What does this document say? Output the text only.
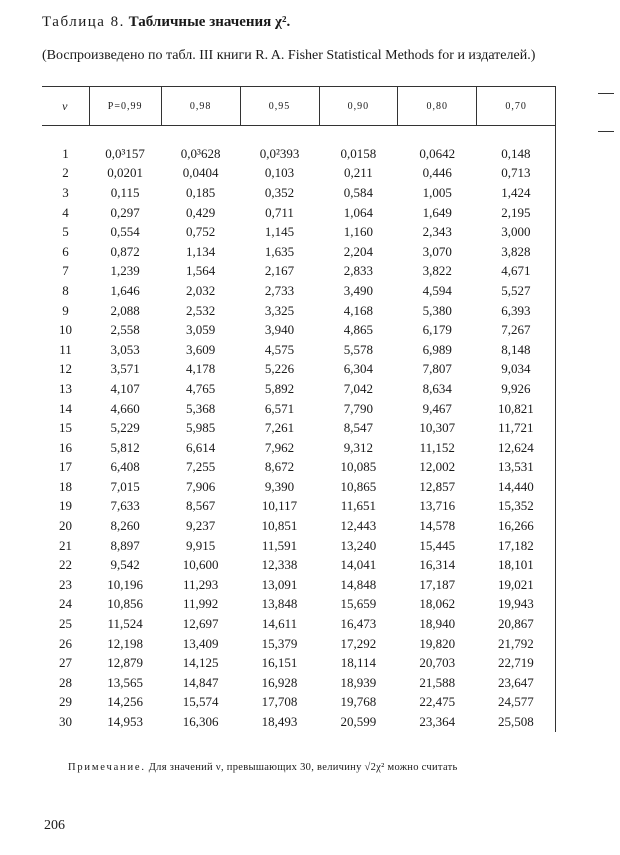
Таблица 8. Табличные значения χ².
(Воспроизведено по табл. III книги R. A. Fisher Statistical Methods for и издателей.)
ν	P=0,99	0,98	0,95	0,90	0,80	0,70

1	0,0³157	0,0³628	0,0²393	0,0158	0,0642	0,148
2	0,0201	0,0404	0,103	0,211	0,446	0,713
3	0,115	0,185	0,352	0,584	1,005	1,424
4	0,297	0,429	0,711	1,064	1,649	2,195
5	0,554	0,752	1,145	1,160	2,343	3,000
6	0,872	1,134	1,635	2,204	3,070	3,828
7	1,239	1,564	2,167	2,833	3,822	4,671
8	1,646	2,032	2,733	3,490	4,594	5,527
9	2,088	2,532	3,325	4,168	5,380	6,393
10	2,558	3,059	3,940	4,865	6,179	7,267
11	3,053	3,609	4,575	5,578	6,989	8,148
12	3,571	4,178	5,226	6,304	7,807	9,034
13	4,107	4,765	5,892	7,042	8,634	9,926
14	4,660	5,368	6,571	7,790	9,467	10,821
15	5,229	5,985	7,261	8,547	10,307	11,721
16	5,812	6,614	7,962	9,312	11,152	12,624
17	6,408	7,255	8,672	10,085	12,002	13,531
18	7,015	7,906	9,390	10,865	12,857	14,440
19	7,633	8,567	10,117	11,651	13,716	15,352
20	8,260	9,237	10,851	12,443	14,578	16,266
21	8,897	9,915	11,591	13,240	15,445	17,182
22	9,542	10,600	12,338	14,041	16,314	18,101
23	10,196	11,293	13,091	14,848	17,187	19,021
24	10,856	11,992	13,848	15,659	18,062	19,943
25	11,524	12,697	14,611	16,473	18,940	20,867
26	12,198	13,409	15,379	17,292	19,820	21,792
27	12,879	14,125	16,151	18,114	20,703	22,719
28	13,565	14,847	16,928	18,939	21,588	23,647
29	14,256	15,574	17,708	19,768	22,475	24,577
30	14,953	16,306	18,493	20,599	23,364	25,508
Примечание. Для значений ν, превышающих 30, величину √2χ² можно считать
206
